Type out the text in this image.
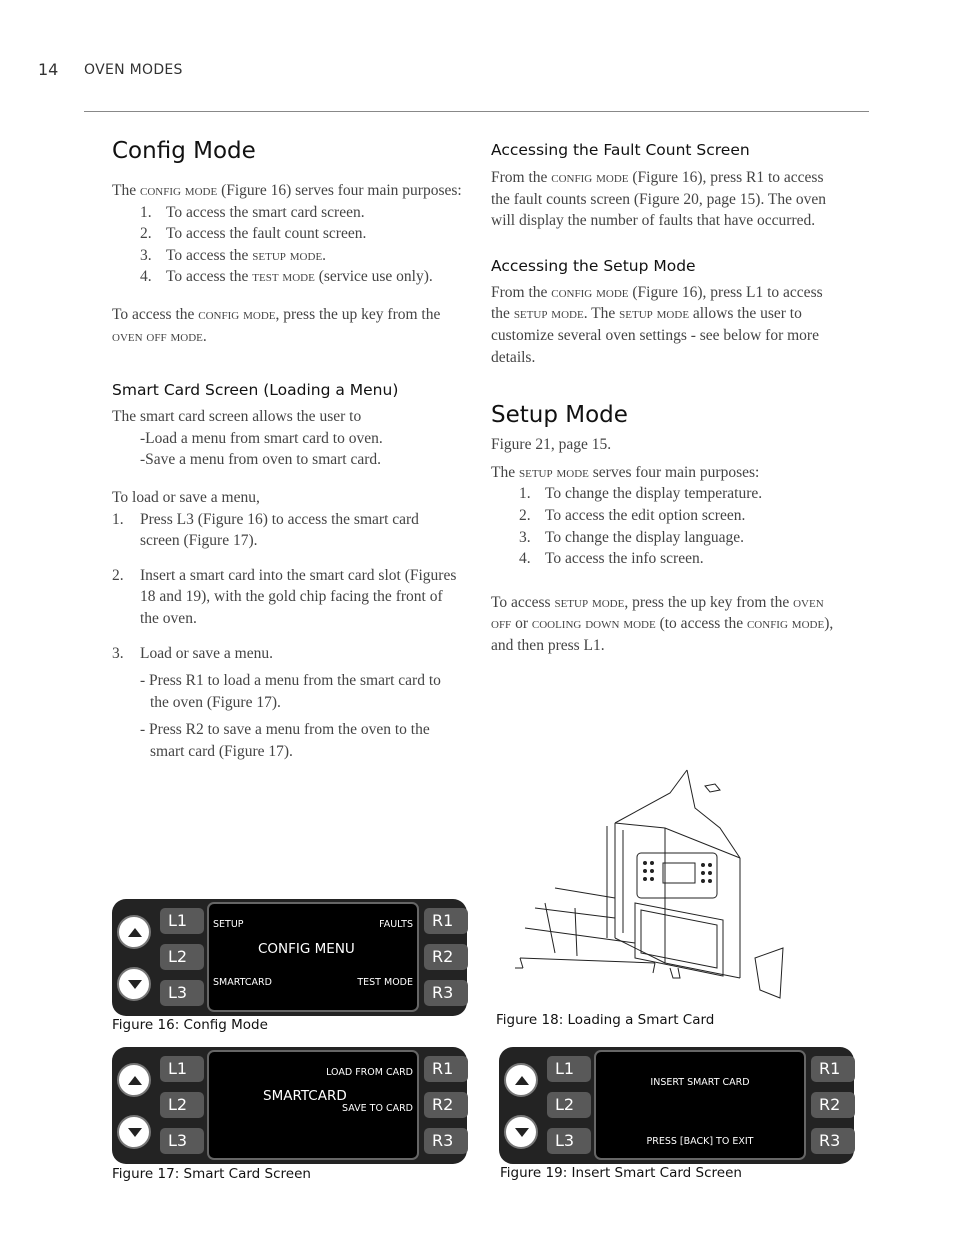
14 OVEN MODES
Config Mode

The config mode (Figure 16) serves four main purposes:

1. To access the smart card screen.
2. To access the fault count screen.
3. To access the setup mode.
4. To access the test mode (service use only).

To access the config mode, press the up key from the oven off mode.

Smart Card Screen (Loading a Menu)

The smart card screen allows the user to

-Load a menu from smart card to oven.

-Save a menu from oven to smart card.

To load or save a menu,

1. Press L3 (Figure 16) to access the smart card screen (Figure 17).
2. Insert a smart card into the smart card slot (Figures 18 and 19), with the gold chip facing the front of the oven.
3. Load or save a menu.

- Press R1 to load a menu from the smart card to the oven (Figure 17).

- Press R2 to save a menu from the oven to the smart card (Figure 17).

Accessing the Fault Count Screen

From the config mode (Figure 16), press R1 to access the fault counts screen (Figure 20, page 15). The oven will display the number of faults that have occurred.

Accessing the Setup Mode

From the config mode (Figure 16), press L1 to access the setup mode. The setup mode allows the user to customize several oven settings - see below for more details.

Setup Mode

Figure 21, page 15.

The setup mode serves four main purposes:

1. To change the display temperature.
2. To access the edit option screen.
3. To change the display language.
4. To access the info screen.

To access setup mode, press the up key from the oven off or cooling down mode (to access the config mode), and then press L1.

Figure 18: Loading a Smart Card
L1
L2
L3
SETUP	FAULTS
CONFIG MENU
SMARTCARD	TEST MODE
R1
R2
R3
Figure 16: Config Mode
L1
L2
L3
LOAD FROM CARD
SMARTCARD
SAVE TO CARD
R1
R2
R3
Figure 17: Smart Card Screen
L1
L2
L3
INSERT SMART CARD
PRESS [BACK] TO EXIT
R1
R2
R3
Figure 19: Insert Smart Card Screen
